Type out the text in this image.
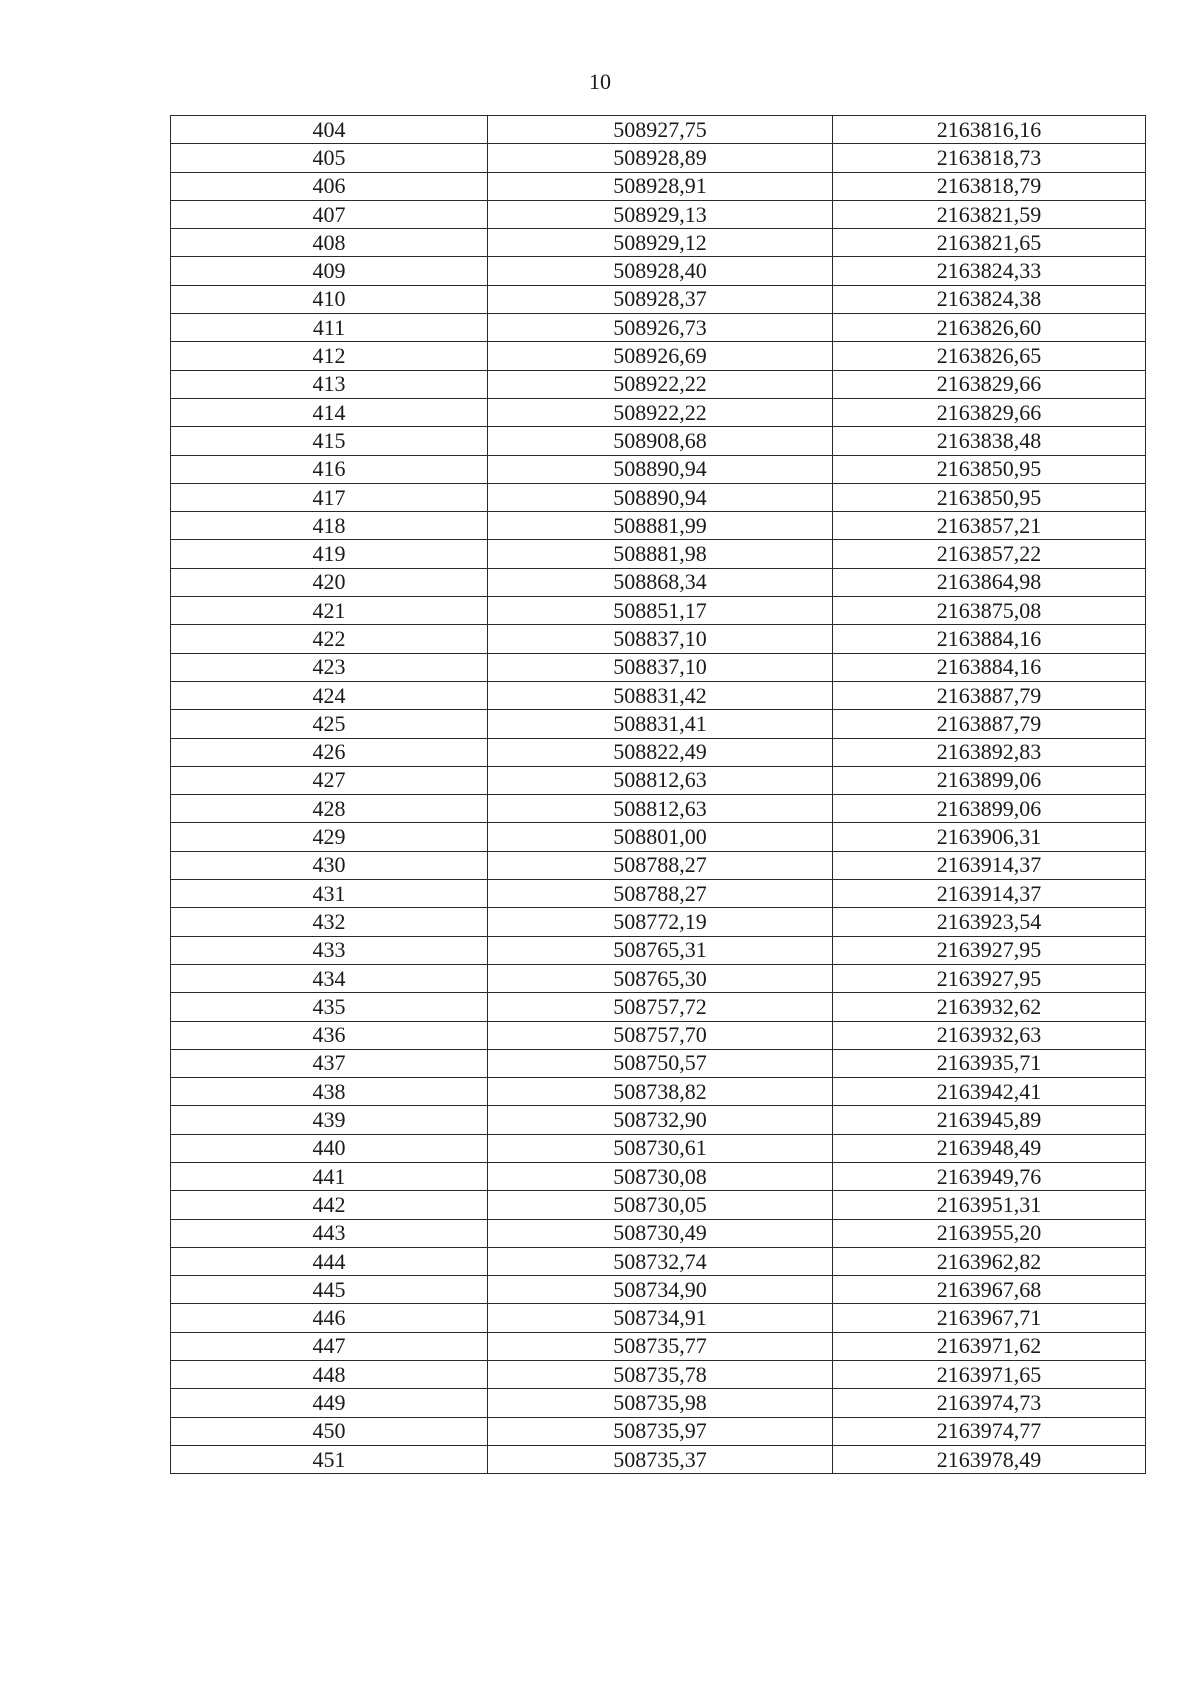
10
404	508927,75	2163816,16
405	508928,89	2163818,73
406	508928,91	2163818,79
407	508929,13	2163821,59
408	508929,12	2163821,65
409	508928,40	2163824,33
410	508928,37	2163824,38
411	508926,73	2163826,60
412	508926,69	2163826,65
413	508922,22	2163829,66
414	508922,22	2163829,66
415	508908,68	2163838,48
416	508890,94	2163850,95
417	508890,94	2163850,95
418	508881,99	2163857,21
419	508881,98	2163857,22
420	508868,34	2163864,98
421	508851,17	2163875,08
422	508837,10	2163884,16
423	508837,10	2163884,16
424	508831,42	2163887,79
425	508831,41	2163887,79
426	508822,49	2163892,83
427	508812,63	2163899,06
428	508812,63	2163899,06
429	508801,00	2163906,31
430	508788,27	2163914,37
431	508788,27	2163914,37
432	508772,19	2163923,54
433	508765,31	2163927,95
434	508765,30	2163927,95
435	508757,72	2163932,62
436	508757,70	2163932,63
437	508750,57	2163935,71
438	508738,82	2163942,41
439	508732,90	2163945,89
440	508730,61	2163948,49
441	508730,08	2163949,76
442	508730,05	2163951,31
443	508730,49	2163955,20
444	508732,74	2163962,82
445	508734,90	2163967,68
446	508734,91	2163967,71
447	508735,77	2163971,62
448	508735,78	2163971,65
449	508735,98	2163974,73
450	508735,97	2163974,77
451	508735,37	2163978,49
